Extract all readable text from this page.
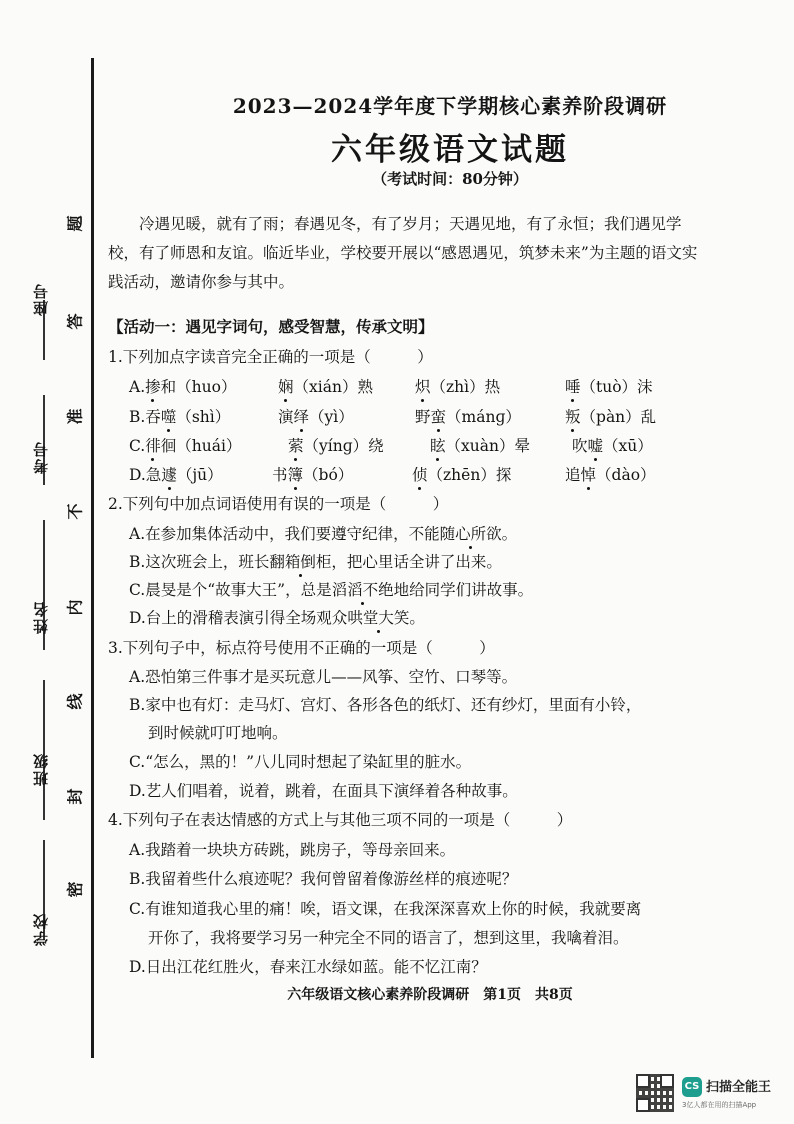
座号
考号
姓名
班级
学校
题
答
准
不
内
线
封
密
2023—2024学年度下学期核心素养阶段调研
六年级语文试题
（考试时间：80分钟）
冷遇见暖，就有了雨；春遇见冬，有了岁月；天遇见地，有了永恒；我们遇见学校，有了师恩和友谊。临近毕业，学校要开展以“感恩遇见，筑梦未来”为主题的语文实践活动，邀请你参与其中。
【活动一：遇见字词句，感受智慧，传承文明】
1.下列加点字读音完全正确的一项是（　　　）
A.掺和（huo）	娴（xián）熟	炽（zhì）热	唾（tuò）沫
B.吞噬（shì）	演绎（yì）	野蛮（mánɡ）	叛（pàn）乱
C.徘徊（huái）	萦（yínɡ）绕	眩（xuàn）晕	吹嘘（xū）
D.急遽（jū）	书簿（bó）	侦（zhēn）探	追悼（dào）
2.下列句中加点词语使用有误的一项是（　　　）
A.在参加集体活动中，我们要遵守纪律，不能随心所欲。
B.这次班会上，班长翻箱倒柜，把心里话全讲了出来。
C.晨旻是个“故事大王”，总是滔滔不绝地给同学们讲故事。
D.台上的滑稽表演引得全场观众哄堂大笑。
3.下列句子中，标点符号使用不正确的一项是（　　　）
A.恐怕第三件事才是买玩意儿——风筝、空竹、口琴等。
B.家中也有灯：走马灯、宫灯、各形各色的纸灯、还有纱灯，里面有小铃，
到时候就叮叮地响。
C.“怎么，黑的！”八儿同时想起了染缸里的脏水。
D.艺人们唱着，说着，跳着，在面具下演绎着各种故事。
4.下列句子在表达情感的方式上与其他三项不同的一项是（　　　）
A.我踏着一块块方砖跳，跳房子，等母亲回来。
B.我留着些什么痕迹呢？我何曾留着像游丝样的痕迹呢？
C.有谁知道我心里的痛！唉，语文课，在我深深喜欢上你的时候，我就要离
开你了，我将要学习另一种完全不同的语言了，想到这里，我噙着泪。
D.日出江花红胜火，春来江水绿如蓝。能不忆江南？
六年级语文核心素养阶段调研　第1页　共8页
CS 扫描全能王
3亿人都在用的扫描App
